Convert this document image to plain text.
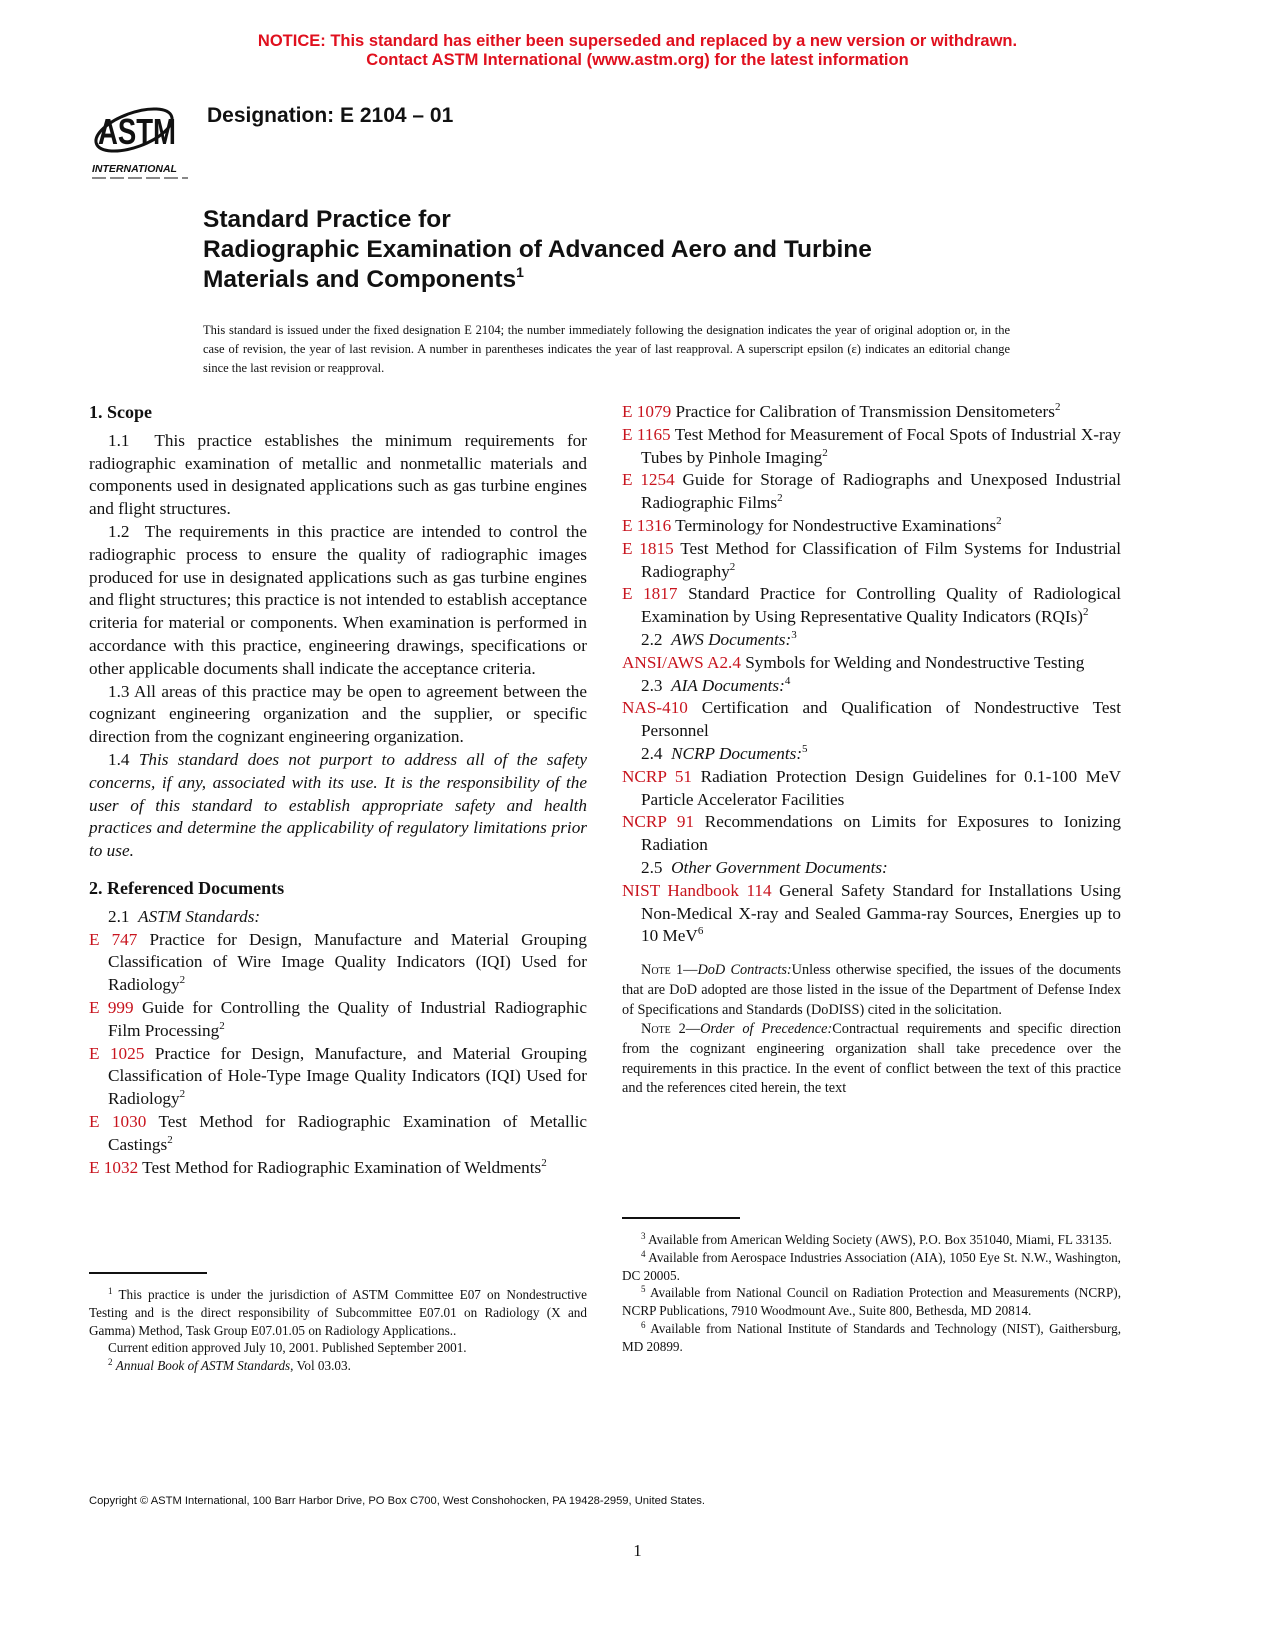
NOTICE: This standard has either been superseded and replaced by a new version or withdrawn.
Contact ASTM International (www.astm.org) for the latest information
ASTM
INTERNATIONAL
Designation: E 2104 – 01
Standard Practice for
Radiographic Examination of Advanced Aero and Turbine
Materials and Components$^1$
This standard is issued under the fixed designation E 2104; the number immediately following the designation indicates the year of original adoption or, in the case of revision, the year of last revision. A number in parentheses indicates the year of last reapproval. A superscript epsilon (ε) indicates an editorial change since the last revision or reapproval.
1. Scope

1.1 This practice establishes the minimum requirements for radiographic examination of metallic and nonmetallic materials and components used in designated applications such as gas turbine engines and flight structures.

1.2 The requirements in this practice are intended to control the radiographic process to ensure the quality of radiographic images produced for use in designated applications such as gas turbine engines and flight structures; this practice is not intended to establish acceptance criteria for material or components. When examination is performed in accordance with this practice, engineering drawings, specifications or other applicable documents shall indicate the acceptance criteria.

1.3 All areas of this practice may be open to agreement between the cognizant engineering organization and the supplier, or specific direction from the cognizant engineering organization.

1.4 This standard does not purport to address all of the safety concerns, if any, associated with its use. It is the responsibility of the user of this standard to establish appropriate safety and health practices and determine the applicability of regulatory limitations prior to use.

2. Referenced Documents

2.1 ASTM Standards:

E 747 Practice for Design, Manufacture and Material Grouping Classification of Wire Image Quality Indicators (IQI) Used for Radiology$^2$

E 999 Guide for Controlling the Quality of Industrial Radiographic Film Processing$^2$

E 1025 Practice for Design, Manufacture, and Material Grouping Classification of Hole-Type Image Quality Indicators (IQI) Used for Radiology$^2$

E 1030 Test Method for Radiographic Examination of Metallic Castings$^2$

E 1032 Test Method for Radiographic Examination of Weldments$^2$

$^1$ This practice is under the jurisdiction of ASTM Committee E07 on Nondestructive Testing and is the direct responsibility of Subcommittee E07.01 on Radiology (X and Gamma) Method, Task Group E07.01.05 on Radiology Applications..

Current edition approved July 10, 2001. Published September 2001.

$^2$ Annual Book of ASTM Standards, Vol 03.03.

E 1079 Practice for Calibration of Transmission Densitometers$^2$

E 1165 Test Method for Measurement of Focal Spots of Industrial X-ray Tubes by Pinhole Imaging$^2$

E 1254 Guide for Storage of Radiographs and Unexposed Industrial Radiographic Films$^2$

E 1316 Terminology for Nondestructive Examinations$^2$

E 1815 Test Method for Classification of Film Systems for Industrial Radiography$^2$

E 1817 Standard Practice for Controlling Quality of Radiological Examination by Using Representative Quality Indicators (RQIs)$^2$

2.2 AWS Documents:$^3$

ANSI/AWS A2.4 Symbols for Welding and Nondestructive Testing

2.3 AIA Documents:$^4$

NAS-410 Certification and Qualification of Nondestructive Test Personnel

2.4 NCRP Documents:$^5$

NCRP 51 Radiation Protection Design Guidelines for 0.1-100 MeV Particle Accelerator Facilities

NCRP 91 Recommendations on Limits for Exposures to Ionizing Radiation

2.5 Other Government Documents:

NIST Handbook 114 General Safety Standard for Installations Using Non-Medical X-ray and Sealed Gamma-ray Sources, Energies up to 10 MeV$^6$

Note 1—DoD Contracts:Unless otherwise specified, the issues of the documents that are DoD adopted are those listed in the issue of the Department of Defense Index of Specifications and Standards (DoDISS) cited in the solicitation.

Note 2—Order of Precedence:Contractual requirements and specific direction from the cognizant engineering organization shall take precedence over the requirements in this practice. In the event of conflict between the text of this practice and the references cited herein, the text

$^3$ Available from American Welding Society (AWS), P.O. Box 351040, Miami, FL 33135.

$^4$ Available from Aerospace Industries Association (AIA), 1050 Eye St. N.W., Washington, DC 20005.

$^5$ Available from National Council on Radiation Protection and Measurements (NCRP), NCRP Publications, 7910 Woodmount Ave., Suite 800, Bethesda, MD 20814.

$^6$ Available from National Institute of Standards and Technology (NIST), Gaithersburg, MD 20899.

Copyright © ASTM International, 100 Barr Harbor Drive, PO Box C700, West Conshohocken, PA 19428-2959, United States.
1
